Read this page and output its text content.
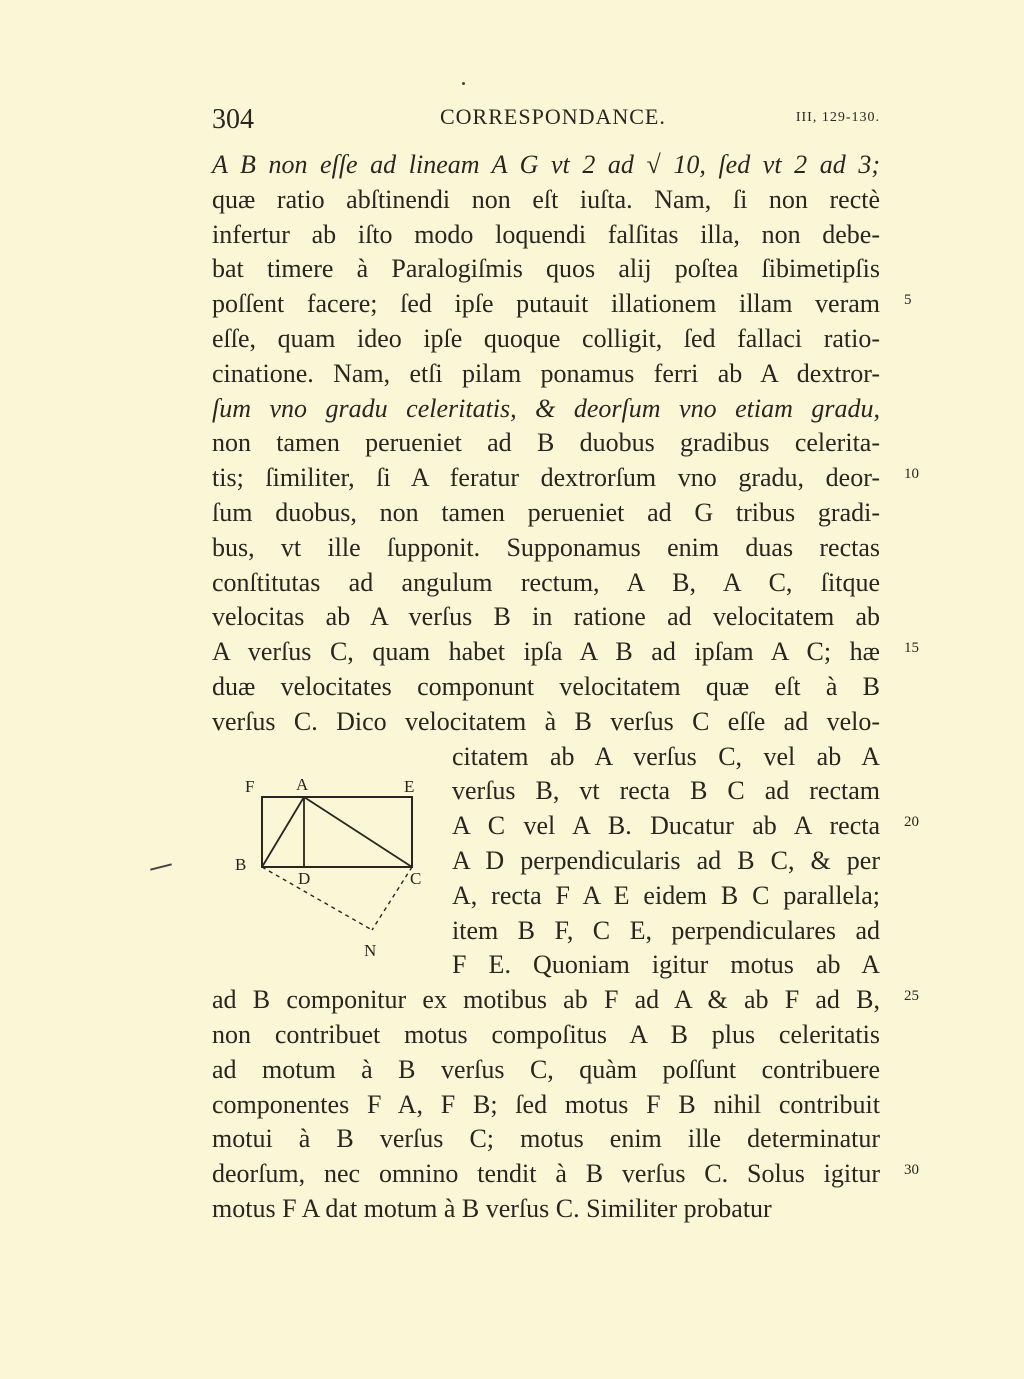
304	CORRESPONDANCE.	III, 129-130.
A B non eſſe ad lineam A G vt 2 ad √ 10, ſed vt 2 ad 3;
quæ ratio abſtinendi non eſt iuſta. Nam, ſi non rectè
infertur ab iſto modo loquendi falſitas illa, non debe-
bat timere à Paralogiſmis quos alij poſtea ſibimetipſis
poſſent facere; ſed ipſe putauit illationem illam veram
eſſe, quam ideo ipſe quoque colligit, ſed fallaci ratio-
cinatione. Nam, etſi pilam ponamus ferri ab A dextror-
ſum vno gradu celeritatis, & deorſum vno etiam gradu,
non tamen perueniet ad B duobus gradibus celerita-
tis; ſimiliter, ſi A feratur dextrorſum vno gradu, deor-
ſum duobus, non tamen perueniet ad G tribus gradi-
bus, vt ille ſupponit. Supponamus enim duas rectas
conſtitutas ad angulum rectum, A B, A C, ſitque
velocitas ab A verſus B in ratione ad velocitatem ab
A verſus C, quam habet ipſa A B ad ipſam A C; hæ
duæ velocitates componunt velocitatem quæ eſt à B
verſus C. Dico velocitatem à B verſus C eſſe ad velo-
citatem ab A verſus C, vel ab A
verſus B, vt recta B C ad rectam
A C vel A B. Ducatur ab A recta
A D perpendicularis ad B C, & per
A, recta F A E eidem B C parallela;
item B F, C E, perpendiculares ad
F E. Quoniam igitur motus ab A
ad B componitur ex motibus ab F ad A & ab F ad B,
non contribuet motus compoſitus A B plus celeritatis
ad motum à B verſus C, quàm poſſunt contribuere
componentes F A, F B; ſed motus F B nihil contribuit
motui à B verſus C; motus enim ille determinatur
deorſum, nec omnino tendit à B verſus C. Solus igitur
motus F A dat motum à B verſus C. Similiter probatur
5
10
15
20
25
30
F A	E
B
D	C
N
